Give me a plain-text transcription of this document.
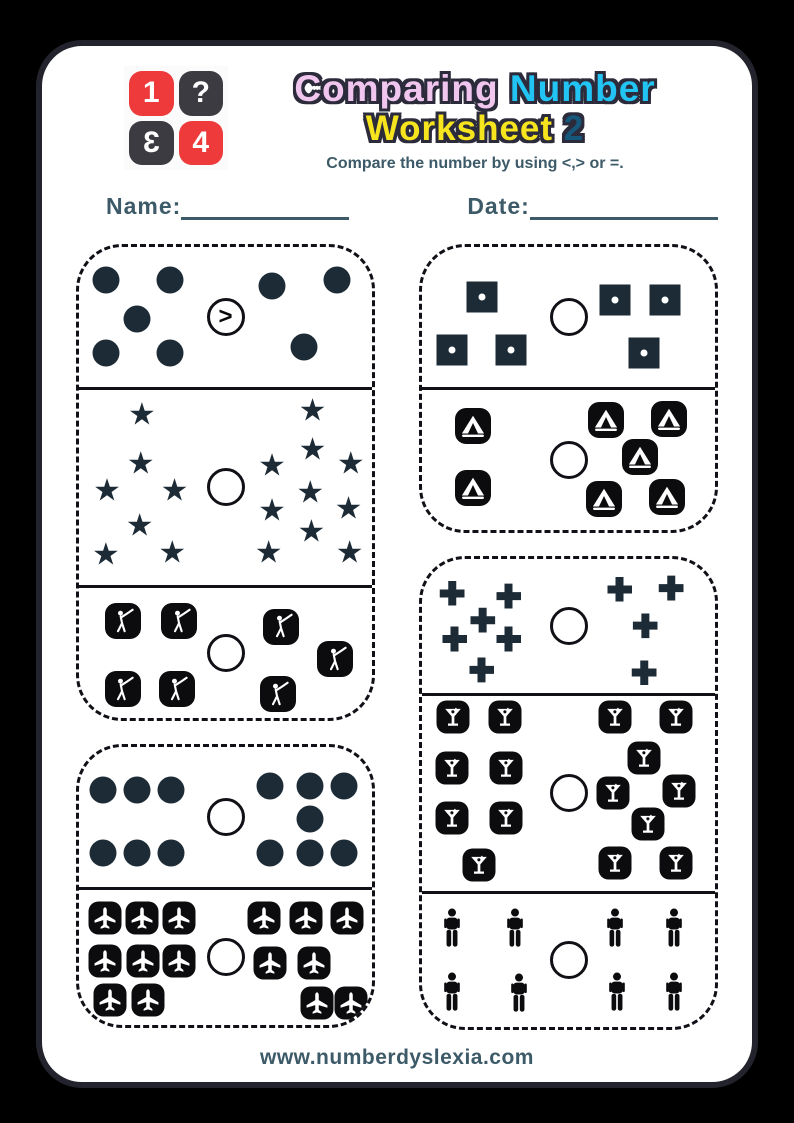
1	?
3	4
Comparing Number
Worksheet 2
Compare the number by using <,> or =.
Name:	Date:
>
★
★
★ ★
★
★ ★
★
★
★ ★
★
★ ★
★
★ ★
www.numberdyslexia.com
